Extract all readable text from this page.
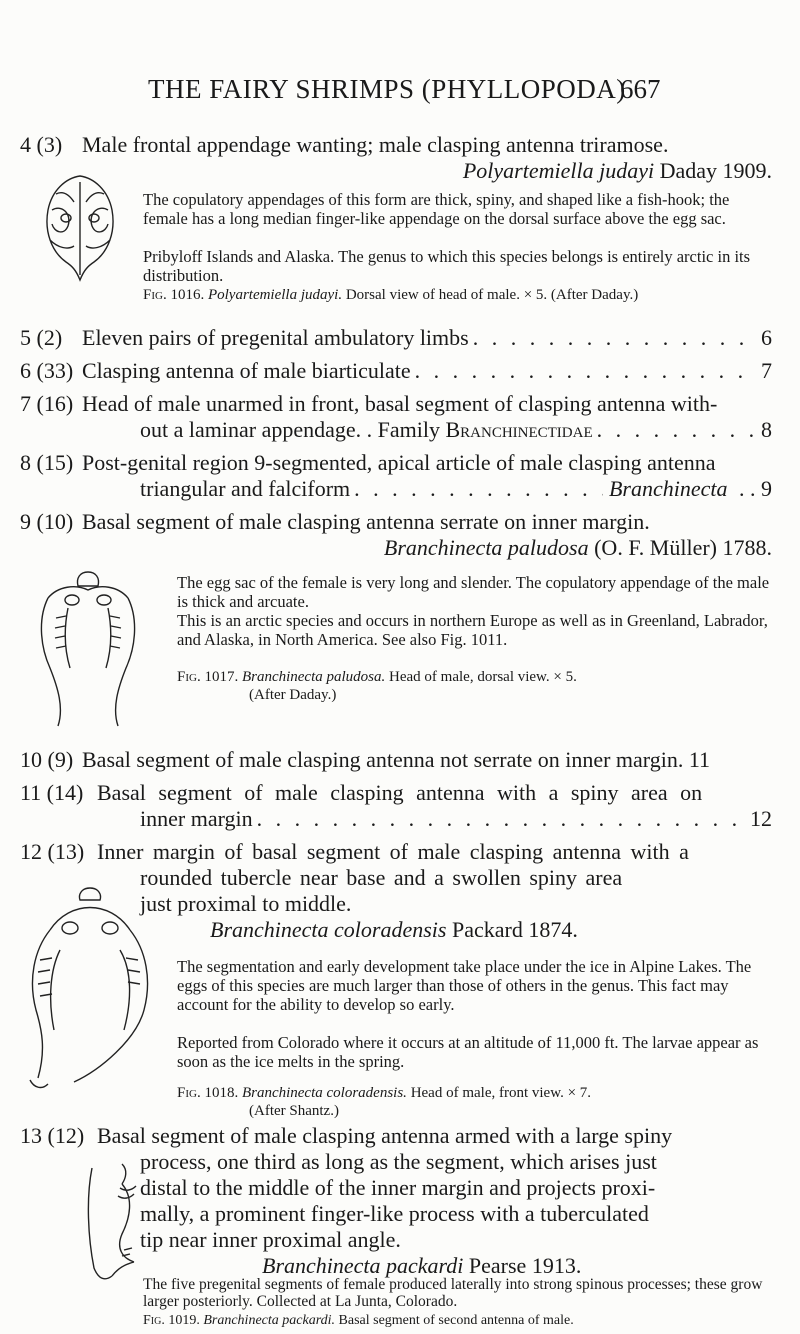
THE FAIRY SHRIMPS (PHYLLOPODA)
667
4 (3) Male frontal appendage wanting; male clasping antenna triramose.
Polyartemiella judayi Daday 1909.
The copulatory appendages of this form are thick, spiny, and shaped like a fish-hook; the female has a long median finger-like appendage on the dorsal surface above the egg sac.
Pribyloff Islands and Alaska. The genus to which this species belongs is entirely arctic in its distribution.
Fig. 1016. Polyartemiella judayi. Dorsal view of head of male. × 5. (After Daday.)
5 (2) Eleven pairs of pregenital ambulatory limbs . . .	6
6 (33) Clasping antenna of male biarticulate . . .	7
7 (16) Head of male unarmed in front, basal segment of clasping antenna with-
out a laminar appendage. . Family
Branchinectidae . . .	8
8 (15) Post-genital region 9-segmented, apical article of male clasping antenna
triangular and falciform . . .	Branchinecta . . 9
9 (10) Basal segment of male clasping antenna serrate on inner margin.
Branchinecta paludosa (O. F. Müller) 1788.
The egg sac of the female is very long and slender. The copulatory appendage of the male is thick and arcuate.
This is an arctic species and occurs in northern Europe as well as in Greenland, Labrador, and Alaska, in North America. See also Fig. 1011.
Fig. 1017. Branchinecta paludosa. Head of male, dorsal view. × 5.
(After Daday.)
10 (9) Basal segment of male clasping antenna not serrate on inner margin. 11
11 (14) Basal segment of male clasping antenna with a spiny area on
inner margin . . .	12
12 (13) Inner margin of basal segment of male clasping antenna with a
rounded tubercle near base and a swollen spiny area
just proximal to middle.
Branchinecta coloradensis Packard 1874.
The segmentation and early development take place under the ice in Alpine Lakes. The eggs of this species are much larger than those of others in the genus. This fact may account for the ability to develop so early.
Reported from Colorado where it occurs at an altitude of 11,000 ft. The larvae appear as soon as the ice melts in the spring.
Fig. 1018. Branchinecta coloradensis. Head of male, front view. × 7.
(After Shantz.)
13 (12) Basal segment of male clasping antenna armed with a large spiny
process, one third as long as the segment, which arises just
distal to the middle of the inner margin and projects proxi-
mally, a prominent finger-like process with a tuberculated
tip near inner proximal angle.
Branchinecta packardi Pearse 1913.
The five pregenital segments of female produced laterally into strong spinous processes; these grow larger posteriorly. Collected at La Junta, Colorado.
Fig. 1019. Branchinecta packardi. Basal segment of second antenna of male.
